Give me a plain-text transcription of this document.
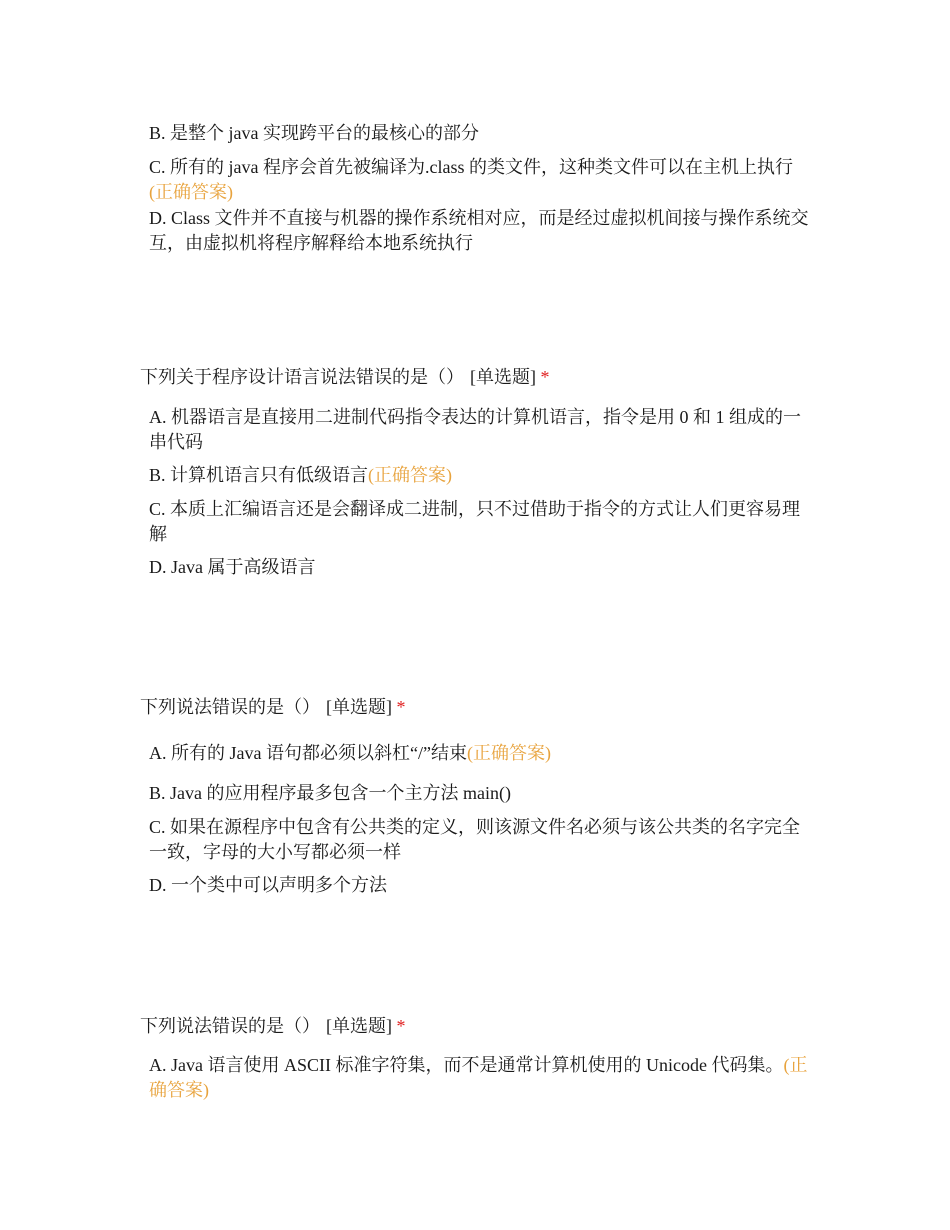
B. 是整个 java 实现跨平台的最核心的部分

C. 所有的 java 程序会首先被编译为.class 的类文件，这种类文件可以在主机上执行(正确答案)

D. Class 文件并不直接与机器的操作系统相对应，而是经过虚拟机间接与操作系统交互，由虚拟机将程序解释给本地系统执行

下列关于程序设计语言说法错误的是（） [单选题] *

A. 机器语言是直接用二进制代码指令表达的计算机语言，指令是用 0 和 1 组成的一串代码

B. 计算机语言只有低级语言(正确答案)

C. 本质上汇编语言还是会翻译成二进制，只不过借助于指令的方式让人们更容易理解

D. Java 属于高级语言

下列说法错误的是（） [单选题] *

A. 所有的 Java 语句都必须以斜杠“/”结束(正确答案)

B. Java 的应用程序最多包含一个主方法 main()

C. 如果在源程序中包含有公共类的定义，则该源文件名必须与该公共类的名字完全一致，字母的大小写都必须一样

D. 一个类中可以声明多个方法

下列说法错误的是（） [单选题] *

A. Java 语言使用 ASCII 标准字符集，而不是通常计算机使用的 Unicode 代码集。(正确答案)
